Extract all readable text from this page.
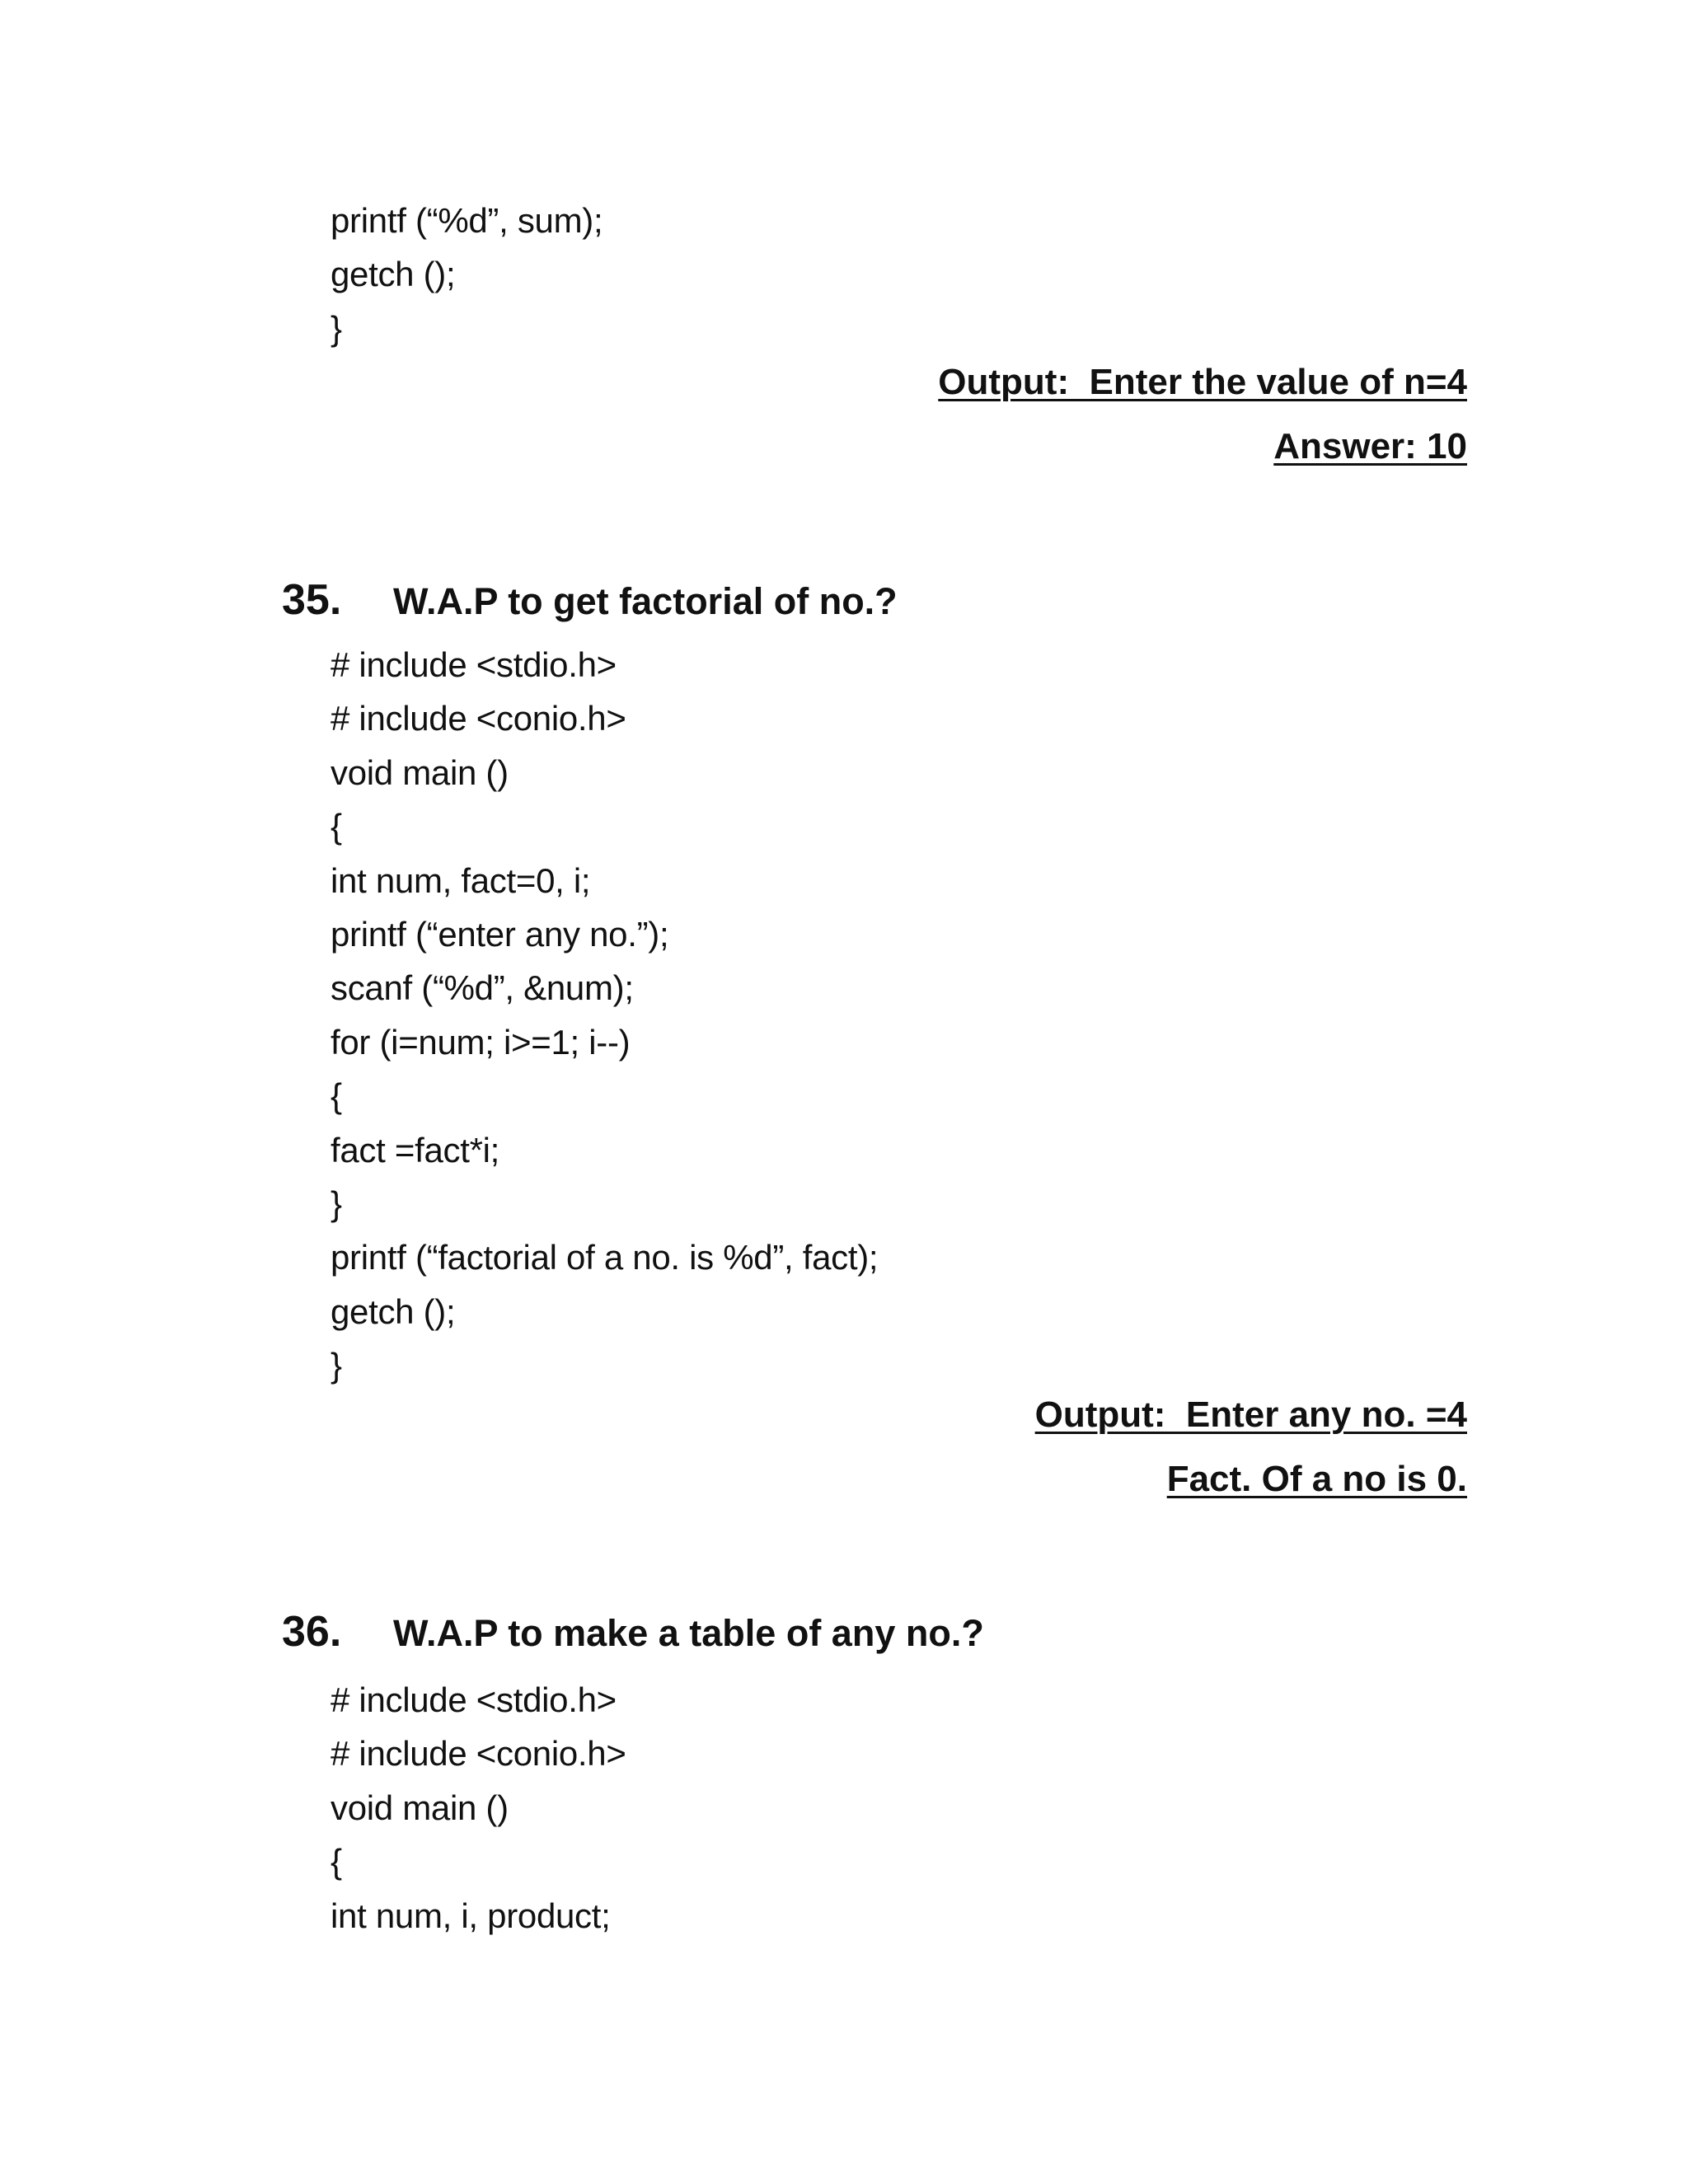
printf (“%d”, sum);
getch ();
}
Output:  Enter the value of n=4
Answer: 10
35.	W.A.P to get factorial of no.?
# include <stdio.h>
# include <conio.h>
void main ()
{
int num, fact=0, i;
printf (“enter any no.”);
scanf (“%d”, &num);
for (i=num; i>=1; i--)
{
fact =fact*i;
}
printf (“factorial of a no. is %d”, fact);
getch ();
}
Output:  Enter any no. =4
Fact. Of a no is 0.
36.	W.A.P to make a table of any no.?
# include <stdio.h>
# include <conio.h>
void main ()
{
int num, i, product;
